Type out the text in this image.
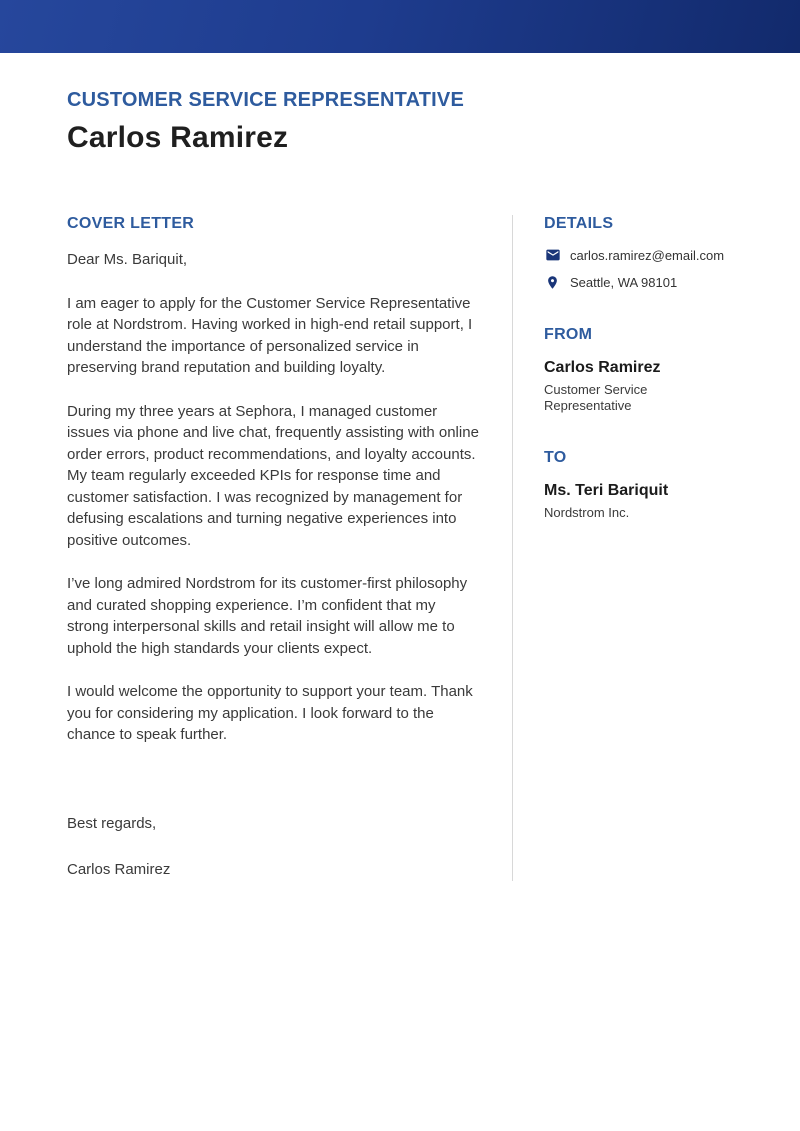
CUSTOMER SERVICE REPRESENTATIVE
Carlos Ramirez
COVER LETTER

Dear Ms. Bariquit,

I am eager to apply for the Customer Service Representative role at Nordstrom. Having worked in high-end retail support, I understand the importance of personalized service in preserving brand reputation and building loyalty.

During my three years at Sephora, I managed customer issues via phone and live chat, frequently assisting with online order errors, product recommendations, and loyalty accounts. My team regularly exceeded KPIs for response time and customer satisfaction. I was recognized by management for defusing escalations and turning negative experiences into positive outcomes.

I’ve long admired Nordstrom for its customer-first philosophy and curated shopping experience. I’m confident that my strong interpersonal skills and retail insight will allow me to uphold the high standards your clients expect.

I would welcome the opportunity to support your team. Thank you for considering my application. I look forward to the chance to speak further.

Best regards,

Carlos Ramirez

DETAILS
carlos.ramirez@email.com
Seattle, WA 98101
FROM
Carlos Ramirez
Customer Service Representative
TO
Ms. Teri Bariquit
Nordstrom Inc.
